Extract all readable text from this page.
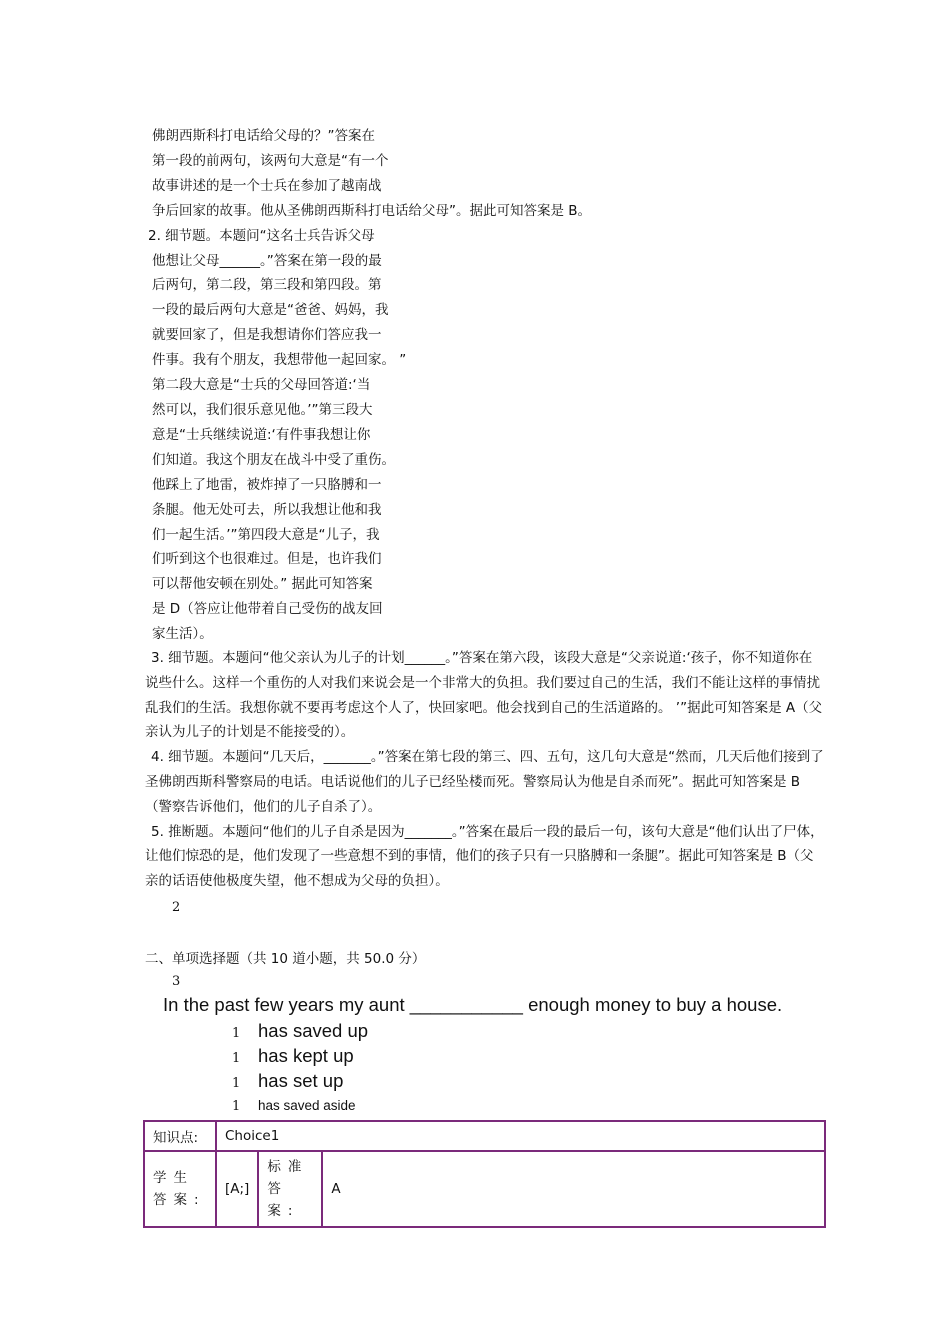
佛朗西斯科打电话给父母的？”答案在
第一段的前两句，该两句大意是“有一个
故事讲述的是一个士兵在参加了越南战
争后回家的故事。他从圣佛朗西斯科打电话给父母”。据此可知答案是 B。
2. 细节题。本题问“这名士兵告诉父母
他想让父母______。”答案在第一段的最
后两句，第二段，第三段和第四段。第
一段的最后两句大意是“爸爸、妈妈，我
就要回家了，但是我想请你们答应我一
件事。我有个朋友，我想带他一起回家。 ”
第二段大意是“士兵的父母回答道:‘当
然可以，我们很乐意见他。’”第三段大
意是“士兵继续说道:‘有件事我想让你
们知道。我这个朋友在战斗中受了重伤。
他踩上了地雷，被炸掉了一只胳膊和一
条腿。他无处可去，所以我想让他和我
们一起生活。’”第四段大意是“儿子，我
们听到这个也很难过。但是，也许我们
可以帮他安顿在别处。” 据此可知答案
是 D（答应让他带着自己受伤的战友回
家生活）。
3. 细节题。本题问“他父亲认为儿子的计划______。”答案在第六段，该段大意是“父亲说道:‘孩子，你不知道你在说些什么。这样一个重伤的人对我们来说会是一个非常大的负担。我们要过自己的生活，我们不能让这样的事情扰乱我们的生活。我想你就不要再考虑这个人了，快回家吧。他会找到自己的生活道路的。 ’”据此可知答案是 A（父亲认为儿子的计划是不能接受的）。
4. 细节题。本题问“几天后，_______。”答案在第七段的第三、四、五句，这几句大意是“然而，几天后他们接到了圣佛朗西斯科警察局的电话。电话说他们的儿子已经坠楼而死。警察局认为他是自杀而死”。据此可知答案是 B（警察告诉他们，他们的儿子自杀了）。
5. 推断题。本题问“他们的儿子自杀是因为_______。”答案在最后一段的最后一句，该句大意是“他们认出了尸体，让他们惊恐的是，他们发现了一些意想不到的事情，他们的孩子只有一只胳膊和一条腿”。据此可知答案是 B（父亲的话语使他极度失望，他不想成为父母的负担）。
2
二、单项选择题（共 10 道小题，共 50.0 分）
3
In the past few years my aunt ___________ enough money to buy a house.
1 has saved up
1 has kept up
1 has set up
1 has saved aside
知识点:	Choice1		
学生答案:	[A;]	标准答案:	A
